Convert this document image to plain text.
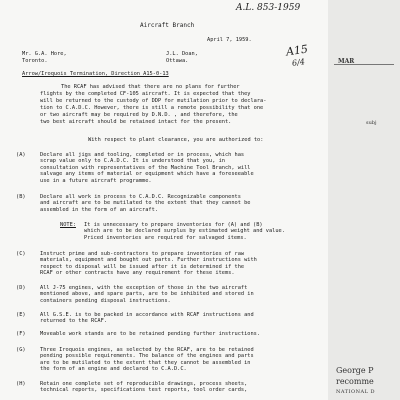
A.L. 853-1959
A15
6/4
Aircraft Branch
April 7, 1959.
Mr. G.A. Hore,
Toronto.
J.L. Doan,
Ottawa.
Arrow/Iroquois Termination, Direction A15-0-13
The RCAF has advised that there are no plans for further
flights by the completed CF-105 aircraft. It is expected that they
will be returned to the custody of DDP for mutilation prior to declara-
tion to C.A.D.C. However, there is still a remote possibility that one
or two aircraft may be required by D.N.D. , and therefore, the
two best aircraft should be retained intact for the present.
With respect to plant clearance, you are authorized to:
(A)	Declare all jigs and tooling, completed or in process, which has
scrap value only to C.A.D.C. It is understood that you, in
consultation with representatives of the Machine Tool Branch, will
salvage any items of material or equipment which have a foreseeable
use in a future aircraft programme.
(B)	Declare all work in process to C.A.D.C. Recognizable components
and aircraft are to be mutilated to the extent that they cannot be
assembled in the form of an aircraft.
NOTE: It is unnecessary to prepare inventories for (A) and (B)
which are to be declared surplus by estimated weight and value.
Priced inventories are required for salvaged items.
(C)	Instruct prime and sub-contractors to prepare inventories of raw
materials, equipment and bought out parts. Further instructions with
respect to disposal will be issued after it is determined if the
RCAF or other contracts have any requirement for these items.
(D)	All J-75 engines, with the exception of those in the two aircraft
mentioned above, and spare parts, are to be inhibited and stored in
containers pending disposal instructions.
(E)	All G.S.E. is to be packed in accordance with RCAF instructions and
returned to the RCAF.
(F)	Moveable work stands are to be retained pending further instructions.
(G)	Three Iroquois engines, as selected by the RCAF, are to be retained
pending possible requirements. The balance of the engines and parts
are to be mutilated to the extent that they cannot be assembled in
the form of an engine and declared to C.A.D.C.
(H)	Retain one complete set of reproducible drawings, process sheets,
technical reports, specifications test reports, tool order cards,
MAR
subj
George P
recomme
NATIONAL D
